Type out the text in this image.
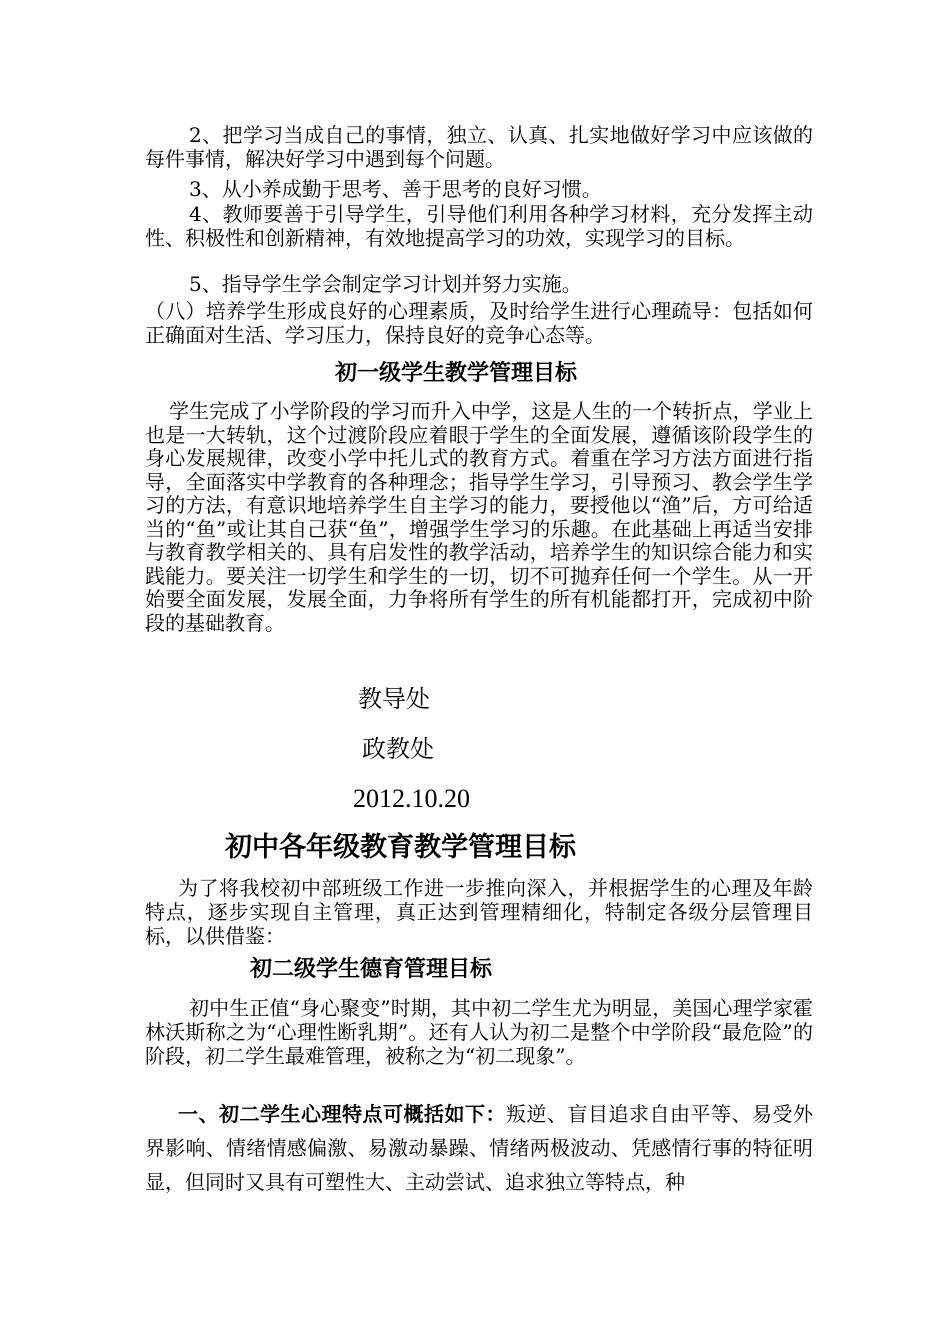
2、把学习当成自己的事情，独立、认真、扎实地做好学习中应该做的每件事情，解决好学习中遇到每个问题。

3、从小养成勤于思考、善于思考的良好习惯。

4、教师要善于引导学生，引导他们利用各种学习材料，充分发挥主动性、积极性和创新精神，有效地提高学习的功效，实现学习的目标。

5、指导学生学会制定学习计划并努力实施。

（八）培养学生形成良好的心理素质，及时给学生进行心理疏导：包括如何正确面对生活、学习压力，保持良好的竞争心态等。

初一级学生教学管理目标

学生完成了小学阶段的学习而升入中学，这是人生的一个转折点，学业上也是一大转轨，这个过渡阶段应着眼于学生的全面发展，遵循该阶段学生的身心发展规律，改变小学中托儿式的教育方式。着重在学习方法方面进行指导，全面落实中学教育的各种理念；指导学生学习，引导预习、教会学生学习的方法，有意识地培养学生自主学习的能力，要授他以“渔”后，方可给适当的“鱼”或让其自己获“鱼”，增强学生学习的乐趣。在此基础上再适当安排与教育教学相关的、具有启发性的教学活动，培养学生的知识综合能力和实践能力。要关注一切学生和学生的一切，切不可抛弃任何一个学生。从一开始要全面发展，发展全面，力争将所有学生的所有机能都打开，完成初中阶段的基础教育。

教导处
政教处
2012.10.20
初中各年级教育教学管理目标

为了将我校初中部班级工作进一步推向深入，并根据学生的心理及年龄特点，逐步实现自主管理，真正达到管理精细化，特制定各级分层管理目标，以供借鉴：

初二级学生德育管理目标

初中生正值“身心聚变”时期，其中初二学生尤为明显，美国心理学家霍林沃斯称之为“心理性断乳期”。还有人认为初二是整个中学阶段“最危险”的阶段，初二学生最难管理，被称之为“初二现象”。

一、初二学生心理特点可概括如下：叛逆、盲目追求自由平等、易受外界影响、情绪情感偏激、易激动暴躁、情绪两极波动、凭感情行事的特征明显，但同时又具有可塑性大、主动尝试、追求独立等特点，种
